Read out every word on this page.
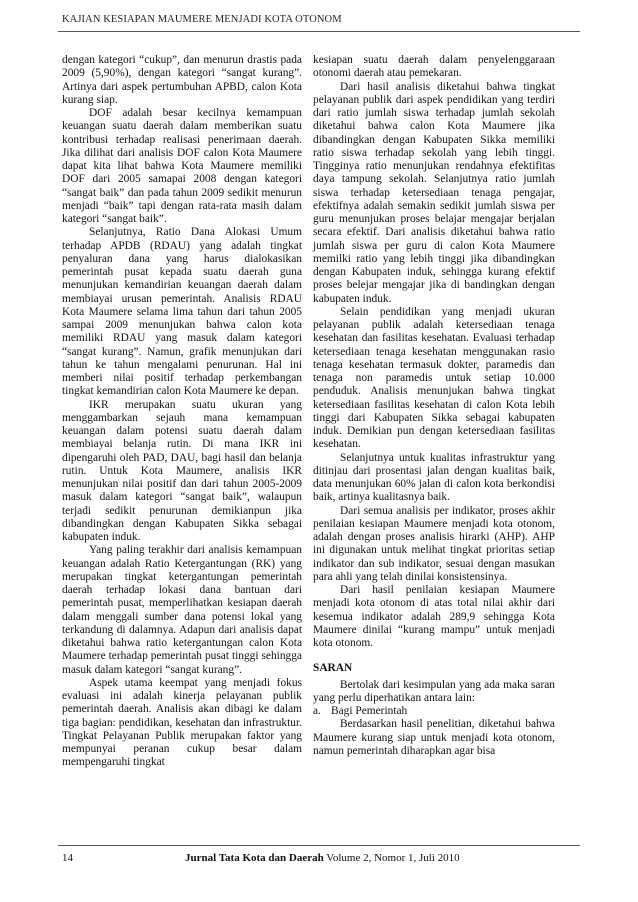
KAJIAN KESIAPAN MAUMERE MENJADI KOTA OTONOM

dengan kategori “cukup”, dan menurun drastis pada 2009 (5,90%), dengan kategori “sangat kurang”. Artinya dari aspek pertumbuhan APBD, calon Kota kurang siap.

DOF adalah besar kecilnya kemampuan keuangan suatu daerah dalam memberikan suatu kontribusi terhadap realisasi penerimaan daerah. Jika dilihat dari analisis DOF calon Kota Maumere dapat kita lihat bahwa Kota Maumere memiliki DOF dari 2005 samapai 2008 dengan kategori “sangat baik” dan pada tahun 2009 sedikit menurun menjadi “baik” tapi dengan rata-rata masih dalam kategori “sangat baik”.

Selanjutnya, Ratio Dana Alokasi Umum terhadap APDB (RDAU) yang adalah tingkat penyaluran dana yang harus dialokasikan pemerintah pusat kepada suatu daerah guna menunjukan kemandirian keuangan daerah dalam membiayai urusan pemerintah. Analisis RDAU Kota Maumere selama lima tahun dari tahun 2005 sampai 2009 menunjukan bahwa calon kota memiliki RDAU yang masuk dalam kategori “sangat kurang”. Namun, grafik menunjukan dari tahun ke tahun mengalami penurunan. Hal ini memberi nilai positif terhadap perkembangan tingkat kemandirian calon Kota Maumere ke depan.

IKR merupakan suatu ukuran yang menggambarkan sejauh mana kemampuan keuangan dalam potensi suatu daerah dalam membiayai belanja rutin. Di mana IKR ini dipengaruhi oleh PAD, DAU, bagi hasil dan belanja rutin. Untuk Kota Maumere, analisis IKR menunjukan nilai positif dan dari tahun 2005-2009 masuk dalam kategori “sangat baik”, walaupun terjadi sedikit penurunan demikianpun jika dibandingkan dengan Kabupaten Sikka sebagai kabupaten induk.

Yang paling terakhir dari analisis kemampuan keuangan adalah Ratio Ketergantungan (RK) yang merupakan tingkat ketergantungan pemerintah daerah terhadap lokasi dana bantuan dari pemerintah pusat, memperlihatkan kesiapan daerah dalam menggali sumber dana potensi lokal yang terkandung di dalamnya. Adapun dari analisis dapat diketahui bahwa ratio ketergantungan calon Kota Maumere terhadap pemerintah pusat tinggi sehingga masuk dalam kategori “sangat kurang”.

Aspek utama keempat yang menjadi fokus evaluasi ini adalah kinerja pelayanan publik pemerintah daerah. Analisis akan dibagi ke dalam tiga bagian: pendidikan, kesehatan dan infrastruktur. Tingkat Pelayanan Publik merupakan faktor yang mempunyai peranan cukup besar dalam mempengaruhi tingkat

kesiapan suatu daerah dalam penyelenggaraan otonomi daerah atau pemekaran.

Dari hasil analisis diketahui bahwa tingkat pelayanan publik dari aspek pendidikan yang terdiri dari ratio jumlah siswa terhadap jumlah sekolah diketahui bahwa calon Kota Maumere jika dibandingkan dengan Kabupaten Sikka memiliki ratio siswa terhadap sekolah yang lebih tinggi. Tingginya ratio menunjukan rendahnya efektifitas daya tampung sekolah. Selanjutnya ratio jumlah siswa terhadap ketersediaan tenaga pengajar, efektifnya adalah semakin sedikit jumlah siswa per guru menunjukan proses belajar mengajar berjalan secara efektif. Dari analisis diketahui bahwa ratio jumlah siswa per guru di calon Kota Maumere memilki ratio yang lebih tinggi jika dibandingkan dengan Kabupaten induk, sehingga kurang efektif proses belejar mengajar jika di bandingkan dengan kabupaten induk.

Selain pendidikan yang menjadi ukuran pelayanan publik adalah ketersediaan tenaga kesehatan dan fasilitas kesehatan. Evaluasi terhadap ketersediaan tenaga kesehatan menggunakan rasio tenaga kesehatan termasuk dokter, paramedis dan tenaga non paramedis untuk setiap 10.000 penduduk. Analisis menunjukan bahwa tingkat ketersediaan fasilitas kesehatan di calon Kota lebih tinggi dari Kabupaten Sikka sebagai kabupaten induk. Demikian pun dengan ketersediaan fasilitas kesehatan.

Selanjutnya untuk kualitas infrastruktur yang ditinjau dari prosentasi jalan dengan kualitas baik, data menunjukan 60% jalan di calon kota berkondisi baik, artinya kualitasnya baik.

Dari semua analisis per indikator, proses akhir penilaian kesiapan Maumere menjadi kota otonom, adalah dengan proses analisis hirarki (AHP). AHP ini digunakan untuk melihat tingkat prioritas setiap indikator dan sub indikator, sesuai dengan masukan para ahli yang telah dinilai konsistensinya.

Dari hasil penilaian kesiapan Maumere menjadi kota otonom di atas total nilai akhir dari kesemua indikator adalah 289,9 sehingga Kota Maumere dinilai “kurang mampu” untuk menjadi kota otonom.

SARAN

Bertolak dari kesimpulan yang ada maka saran yang perlu diperhatikan antara lain:

a. Bagi Pemerintah

Berdasarkan hasil penelitian, diketahui bahwa Maumere kurang siap untuk menjadi kota otonom, namun pemerintah diharapkan agar bisa

14	Jurnal Tata Kota dan Daerah Volume 2, Nomor 1, Juli 2010
